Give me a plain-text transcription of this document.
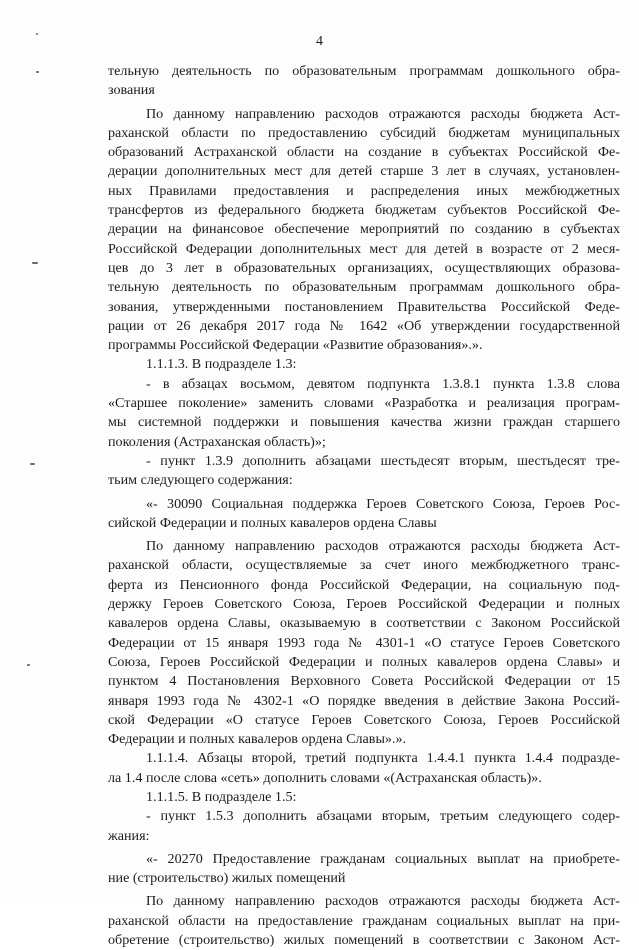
4

тельную деятельность по образовательным программам дошкольного обра-

зования

По данному направлению расходов отражаются расходы бюджета Аст-

раханской области по предоставлению субсидий бюджетам муниципальных

образований Астраханской области на создание в субъектах Российской Фе-

дерации дополнительных мест для детей старше 3 лет в случаях, установлен-

ных Правилами предоставления и распределения иных межбюджетных

трансфертов из федерального бюджета бюджетам субъектов Российской Фе-

дерации на финансовое обеспечение мероприятий по созданию в субъектах

Российской Федерации дополнительных мест для детей в возрасте от 2 меся-

цев до 3 лет в образовательных организациях, осуществляющих образова-

тельную деятельность по образовательным программам дошкольного обра-

зования, утвержденными постановлением Правительства Российской Феде-

рации от 26 декабря 2017 года № 1642 «Об утверждении государственной

программы Российской Федерации «Развитие образования».».

1.1.1.3. В подразделе 1.3:

- в абзацах восьмом, девятом подпункта 1.3.8.1 пункта 1.3.8 слова

«Старшее поколение» заменить словами «Разработка и реализация програм-

мы системной поддержки и повышения качества жизни граждан старшего

поколения (Астраханская область)»;

- пункт 1.3.9 дополнить абзацами шестьдесят вторым, шестьдесят тре-

тьим следующего содержания:

«- 30090 Социальная поддержка Героев Советского Союза, Героев Рос-

сийской Федерации и полных кавалеров ордена Славы

По данному направлению расходов отражаются расходы бюджета Аст-

раханской области, осуществляемые за счет иного межбюджетного транс-

ферта из Пенсионного фонда Российской Федерации, на социальную под-

держку Героев Советского Союза, Героев Российской Федерации и полных

кавалеров ордена Славы, оказываемую в соответствии с Законом Российской

Федерации от 15 января 1993 года № 4301-1 «О статусе Героев Советского

Союза, Героев Российской Федерации и полных кавалеров ордена Славы» и

пунктом 4 Постановления Верховного Совета Российской Федерации от 15

января 1993 года № 4302-1 «О порядке введения в действие Закона Россий-

ской Федерации «О статусе Героев Советского Союза, Героев Российской

Федерации и полных кавалеров ордена Славы».».

1.1.1.4. Абзацы второй, третий подпункта 1.4.4.1 пункта 1.4.4 подразде-

ла 1.4 после слова «сеть» дополнить словами «(Астраханская область)».

1.1.1.5. В подразделе 1.5:

- пункт 1.5.3 дополнить абзацами вторым, третьим следующего содер-

жания:

«- 20270 Предоставление гражданам социальных выплат на приобрете-

ние (строительство) жилых помещений

По данному направлению расходов отражаются расходы бюджета Аст-

раханской области на предоставление гражданам социальных выплат на при-

обретение (строительство) жилых помещений в соответствии с Законом Аст-
